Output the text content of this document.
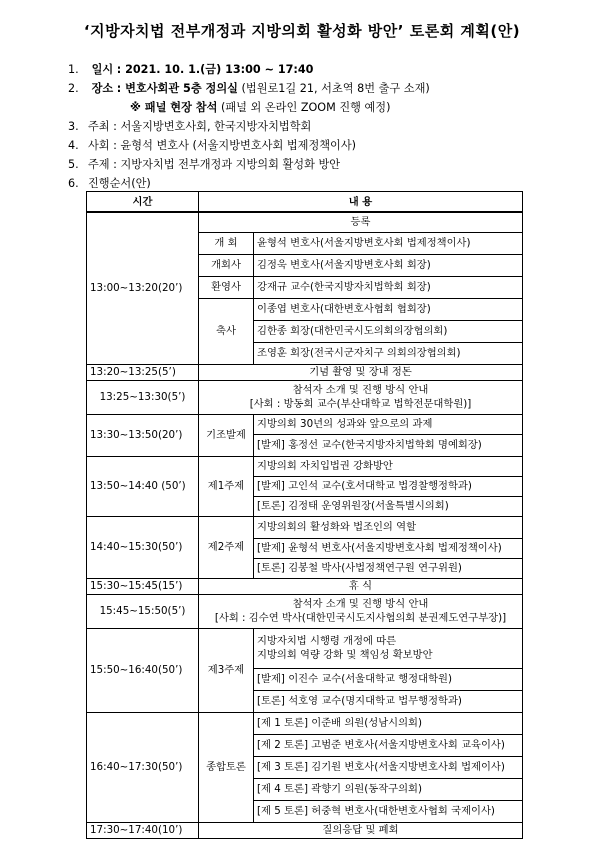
‘지방자치법 전부개정과 지방의회 활성화 방안’ 토론회 계획(안)
1. 일시 : 2021. 10. 1.(금) 13:00 ~ 17:40
2. 장소 : 변호사회관 5층 정의실 (법원로1길 21, 서초역 8번 출구 소재)
※ 패널 현장 참석 (패널 외 온라인 ZOOM 진행 예정)
3. 주최 : 서울지방변호사회, 한국지방자치법학회
4. 사회 : 윤형석 변호사 (서울지방변호사회 법제정책이사)
5. 주제 : 지방자치법 전부개정과 지방의회 활성화 방안
6. 진행순서(안)
시간	내 용	
13:00~13:20(20’)	등록	
	개 회	윤형석 변호사(서울지방변호사회 법제정책이사)
	개회사	김정욱 변호사(서울지방변호사회 회장)
	환영사	강재규 교수(한국지방자치법학회 회장)
	축사	이종엽 변호사(대한변호사협회 협회장)
		김한종 회장(대한민국시도의회의장협의회)
		조영훈 회장(전국시군자치구 의회의장협의회)
13:20~13:25(5’)	기념 촬영 및 장내 정돈	
13:25~13:30(5’)	참석자 소개 및 진행 방식 안내
[사회 : 방동희 교수(부산대학교 법학전문대학원)]	

13:30~13:50(20’)	기조발제	지방의회 30년의 성과와 앞으로의 과제
		[발제] 홍정선 교수(한국지방자치법학회 명예회장)
13:50~14:40 (50’)	제1주제	지방의회 자치입법권 강화방안
		[발제] 고인석 교수(호서대학교 법경찰행정학과)
		[토론] 김정태 운영위원장(서울특별시의회)
14:40~15:30(50’)	제2주제	지방의회의 활성화와 법조인의 역할
		[발제] 윤형석 변호사(서울지방변호사회 법제정책이사)
		[토론] 김봉철 박사(사법정책연구원 연구위원)
15:30~15:45(15’)	휴 식	
15:45~15:50(5’)	참석자 소개 및 진행 방식 안내
[사회 : 김수연 박사(대한민국시도지사협의회 분권제도연구부장)]	

15:50~16:40(50’)	제3주제	지방자치법 시행령 개정에 따른
지방의회 역량 강화 및 책임성 확보방안

		[발제] 이진수 교수(서울대학교 행정대학원)
		[토론] 석호영 교수(명지대학교 법무행정학과)
16:40~17:30(50’)	종합토론	[제 1 토론] 이준배 의원(성남시의회)
		[제 2 토론] 고범준 변호사(서울지방변호사회 교육이사)
		[제 3 토론] 김기원 변호사(서울지방변호사회 법제이사)
		[제 4 토론] 곽향기 의원(동작구의회)
		[제 5 토론] 허중혁 변호사(대한변호사협회 국제이사)
17:30~17:40(10’)	질의응답 및 폐회	
